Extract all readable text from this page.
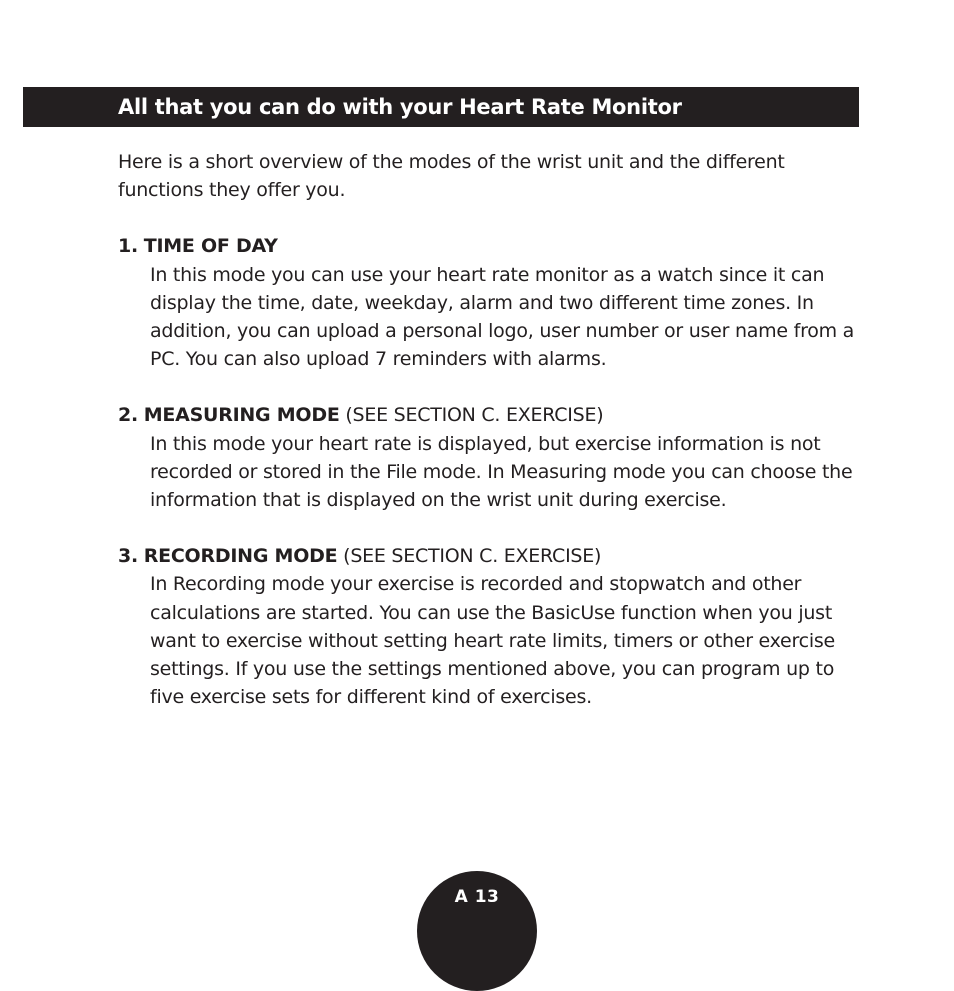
All that you can do with your Heart Rate Monitor

Here is a short overview of the modes of the wrist unit and the different functions they offer you.

1. TIME OF DAY

In this mode you can use your heart rate monitor as a watch since it can display the time, date, weekday, alarm and two different time zones. In addition, you can upload a personal logo, user number or user name from a PC. You can also upload 7 reminders with alarms.

2. MEASURING MODE (SEE SECTION C. EXERCISE)

In this mode your heart rate is displayed, but exercise information is not recorded or stored in the File mode. In Measuring mode you can choose the information that is displayed on the wrist unit during exercise.

3. RECORDING MODE (SEE SECTION C. EXERCISE)

In Recording mode your exercise is recorded and stopwatch and other calculations are started. You can use the BasicUse function when you just want to exercise without setting heart rate limits, timers or other exercise settings. If you use the settings mentioned above, you can program up to five exercise sets for different kind of exercises.

A 13
